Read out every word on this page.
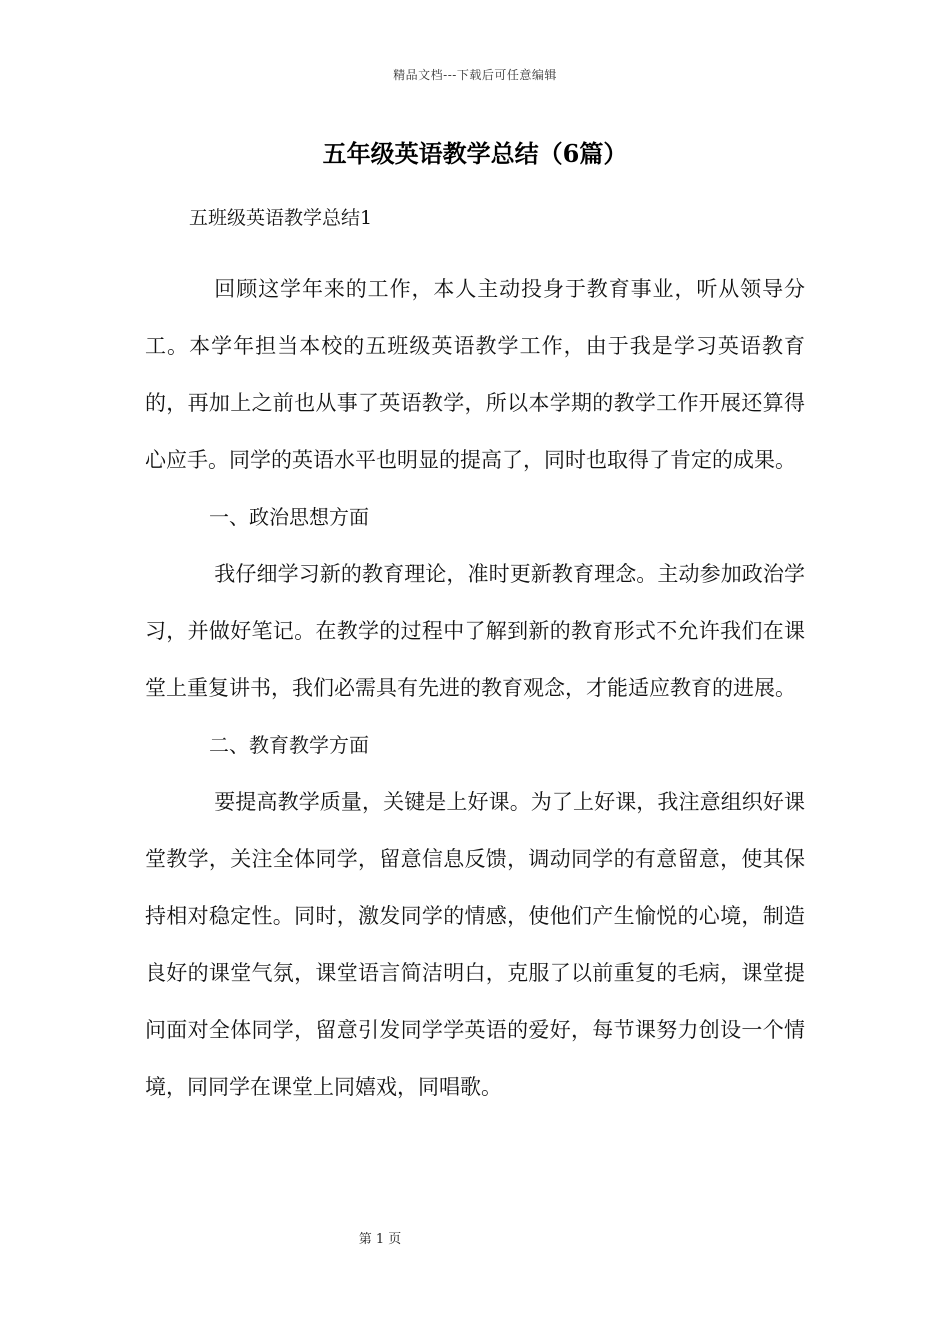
精品文档---下载后可任意编辑
五年级英语教学总结（6篇）
五班级英语教学总结1

回顾这学年来的工作，本人主动投身于教育事业，听从领导分工。本学年担当本校的五班级英语教学工作，由于我是学习英语教育的，再加上之前也从事了英语教学，所以本学期的教学工作开展还算得心应手。同学的英语水平也明显的提高了，同时也取得了肯定的成果。

一、政治思想方面

我仔细学习新的教育理论，准时更新教育理念。主动参加政治学习，并做好笔记。在教学的过程中了解到新的教育形式不允许我们在课堂上重复讲书，我们必需具有先进的教育观念，才能适应教育的进展。

二、教育教学方面

要提高教学质量，关键是上好课。为了上好课，我注意组织好课堂教学，关注全体同学，留意信息反馈，调动同学的有意留意，使其保持相对稳定性。同时，激发同学的情感，使他们产生愉悦的心境，制造良好的课堂气氛，课堂语言简洁明白，克服了以前重复的毛病，课堂提问面对全体同学，留意引发同学学英语的爱好，每节课努力创设一个情境，同同学在课堂上同嬉戏，同唱歌。

第 1 页
